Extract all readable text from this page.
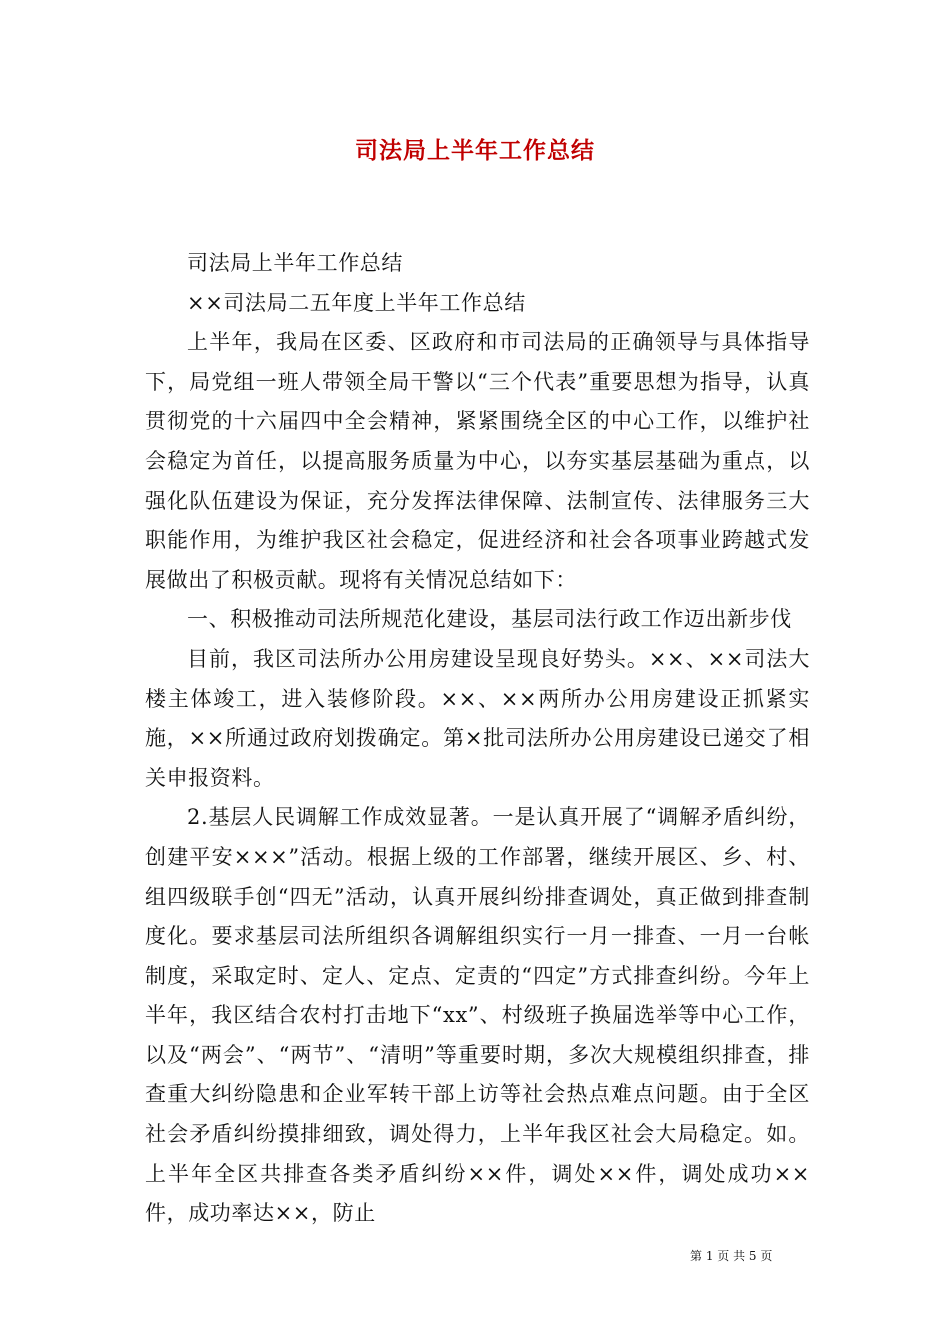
司法局上半年工作总结

司法局上半年工作总结

××司法局二五年度上半年工作总结

上半年，我局在区委、区政府和市司法局的正确领导与具体指导下，局党组一班人带领全局干警以“三个代表”重要思想为指导，认真贯彻党的十六届四中全会精神，紧紧围绕全区的中心工作，以维护社会稳定为首任，以提高服务质量为中心，以夯实基层基础为重点，以强化队伍建设为保证，充分发挥法律保障、法制宣传、法律服务三大职能作用，为维护我区社会稳定，促进经济和社会各项事业跨越式发展做出了积极贡献。现将有关情况总结如下：

一、积极推动司法所规范化建设，基层司法行政工作迈出新步伐

目前，我区司法所办公用房建设呈现良好势头。××、××司法大楼主体竣工，进入装修阶段。××、××两所办公用房建设正抓紧实施，××所通过政府划拨确定。第×批司法所办公用房建设已递交了相关申报资料。

2.基层人民调解工作成效显著。一是认真开展了“调解矛盾纠纷，创建平安×××”活动。根据上级的工作部署，继续开展区、乡、村、组四级联手创“四无”活动，认真开展纠纷排查调处，真正做到排查制度化。要求基层司法所组织各调解组织实行一月一排查、一月一台帐制度，采取定时、定人、定点、定责的“四定”方式排查纠纷。今年上半年，我区结合农村打击地下“xx”、村级班子换届选举等中心工作，以及“两会”、“两节”、“清明”等重要时期，多次大规模组织排查，排查重大纠纷隐患和企业军转干部上访等社会热点难点问题。由于全区社会矛盾纠纷摸排细致，调处得力，上半年我区社会大局稳定。如。上半年全区共排查各类矛盾纠纷××件，调处××件，调处成功××件，成功率达××，防止

第 1 页 共 5 页
